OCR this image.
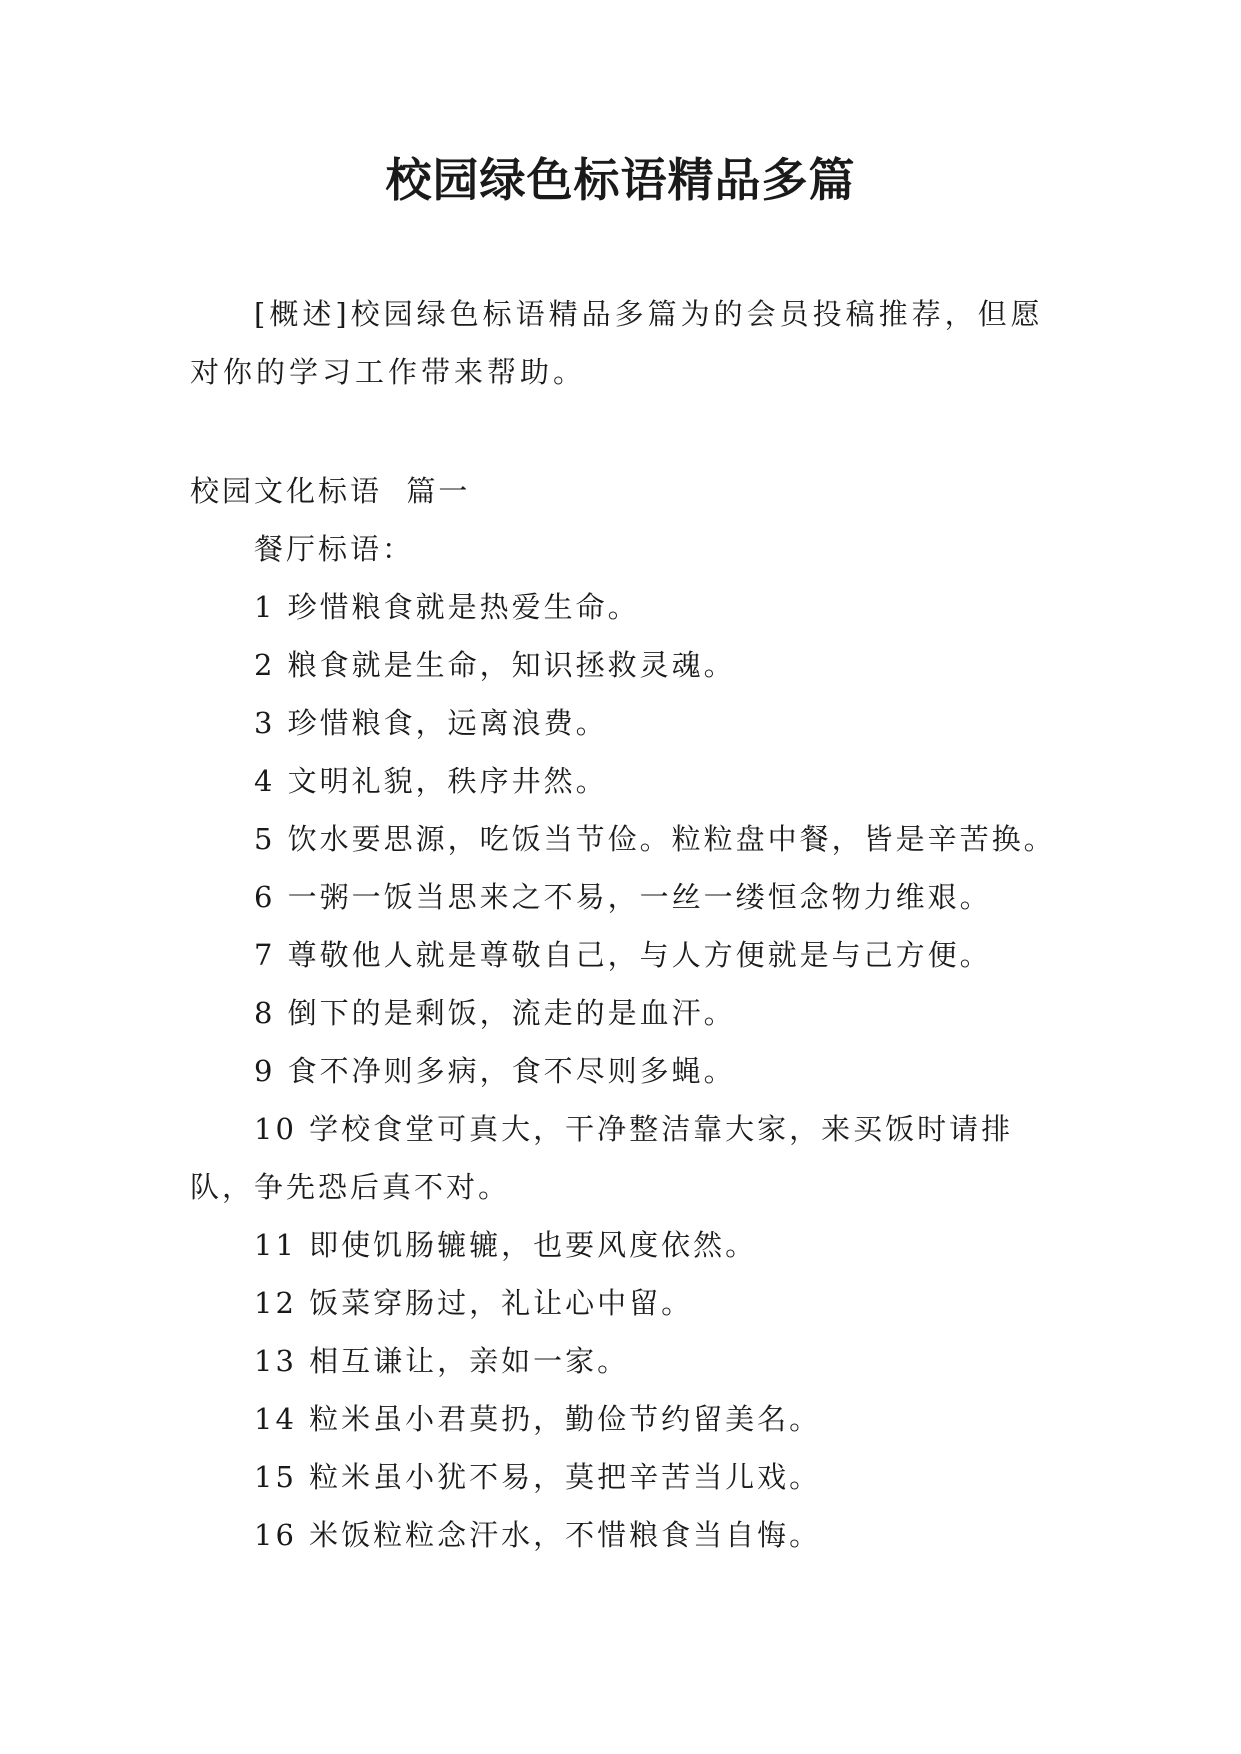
校园绿色标语精品多篇

[概述]校园绿色标语精品多篇为的会员投稿推荐，但愿对你的学习工作带来帮助。

校园文化标语  篇一

餐厅标语：

1 珍惜粮食就是热爱生命。

2 粮食就是生命，知识拯救灵魂。

3 珍惜粮食，远离浪费。

4 文明礼貌，秩序井然。

5 饮水要思源，吃饭当节俭。粒粒盘中餐，皆是辛苦换。

6 一粥一饭当思来之不易，一丝一缕恒念物力维艰。

7 尊敬他人就是尊敬自己，与人方便就是与己方便。

8 倒下的是剩饭，流走的是血汗。

9 食不净则多病，食不尽则多蝇。

10 学校食堂可真大，干净整洁靠大家，来买饭时请排队，争先恐后真不对。

11 即使饥肠辘辘，也要风度依然。

12 饭菜穿肠过，礼让心中留。

13 相互谦让，亲如一家。

14 粒米虽小君莫扔，勤俭节约留美名。

15 粒米虽小犹不易，莫把辛苦当儿戏。

16 米饭粒粒念汗水，不惜粮食当自悔。
